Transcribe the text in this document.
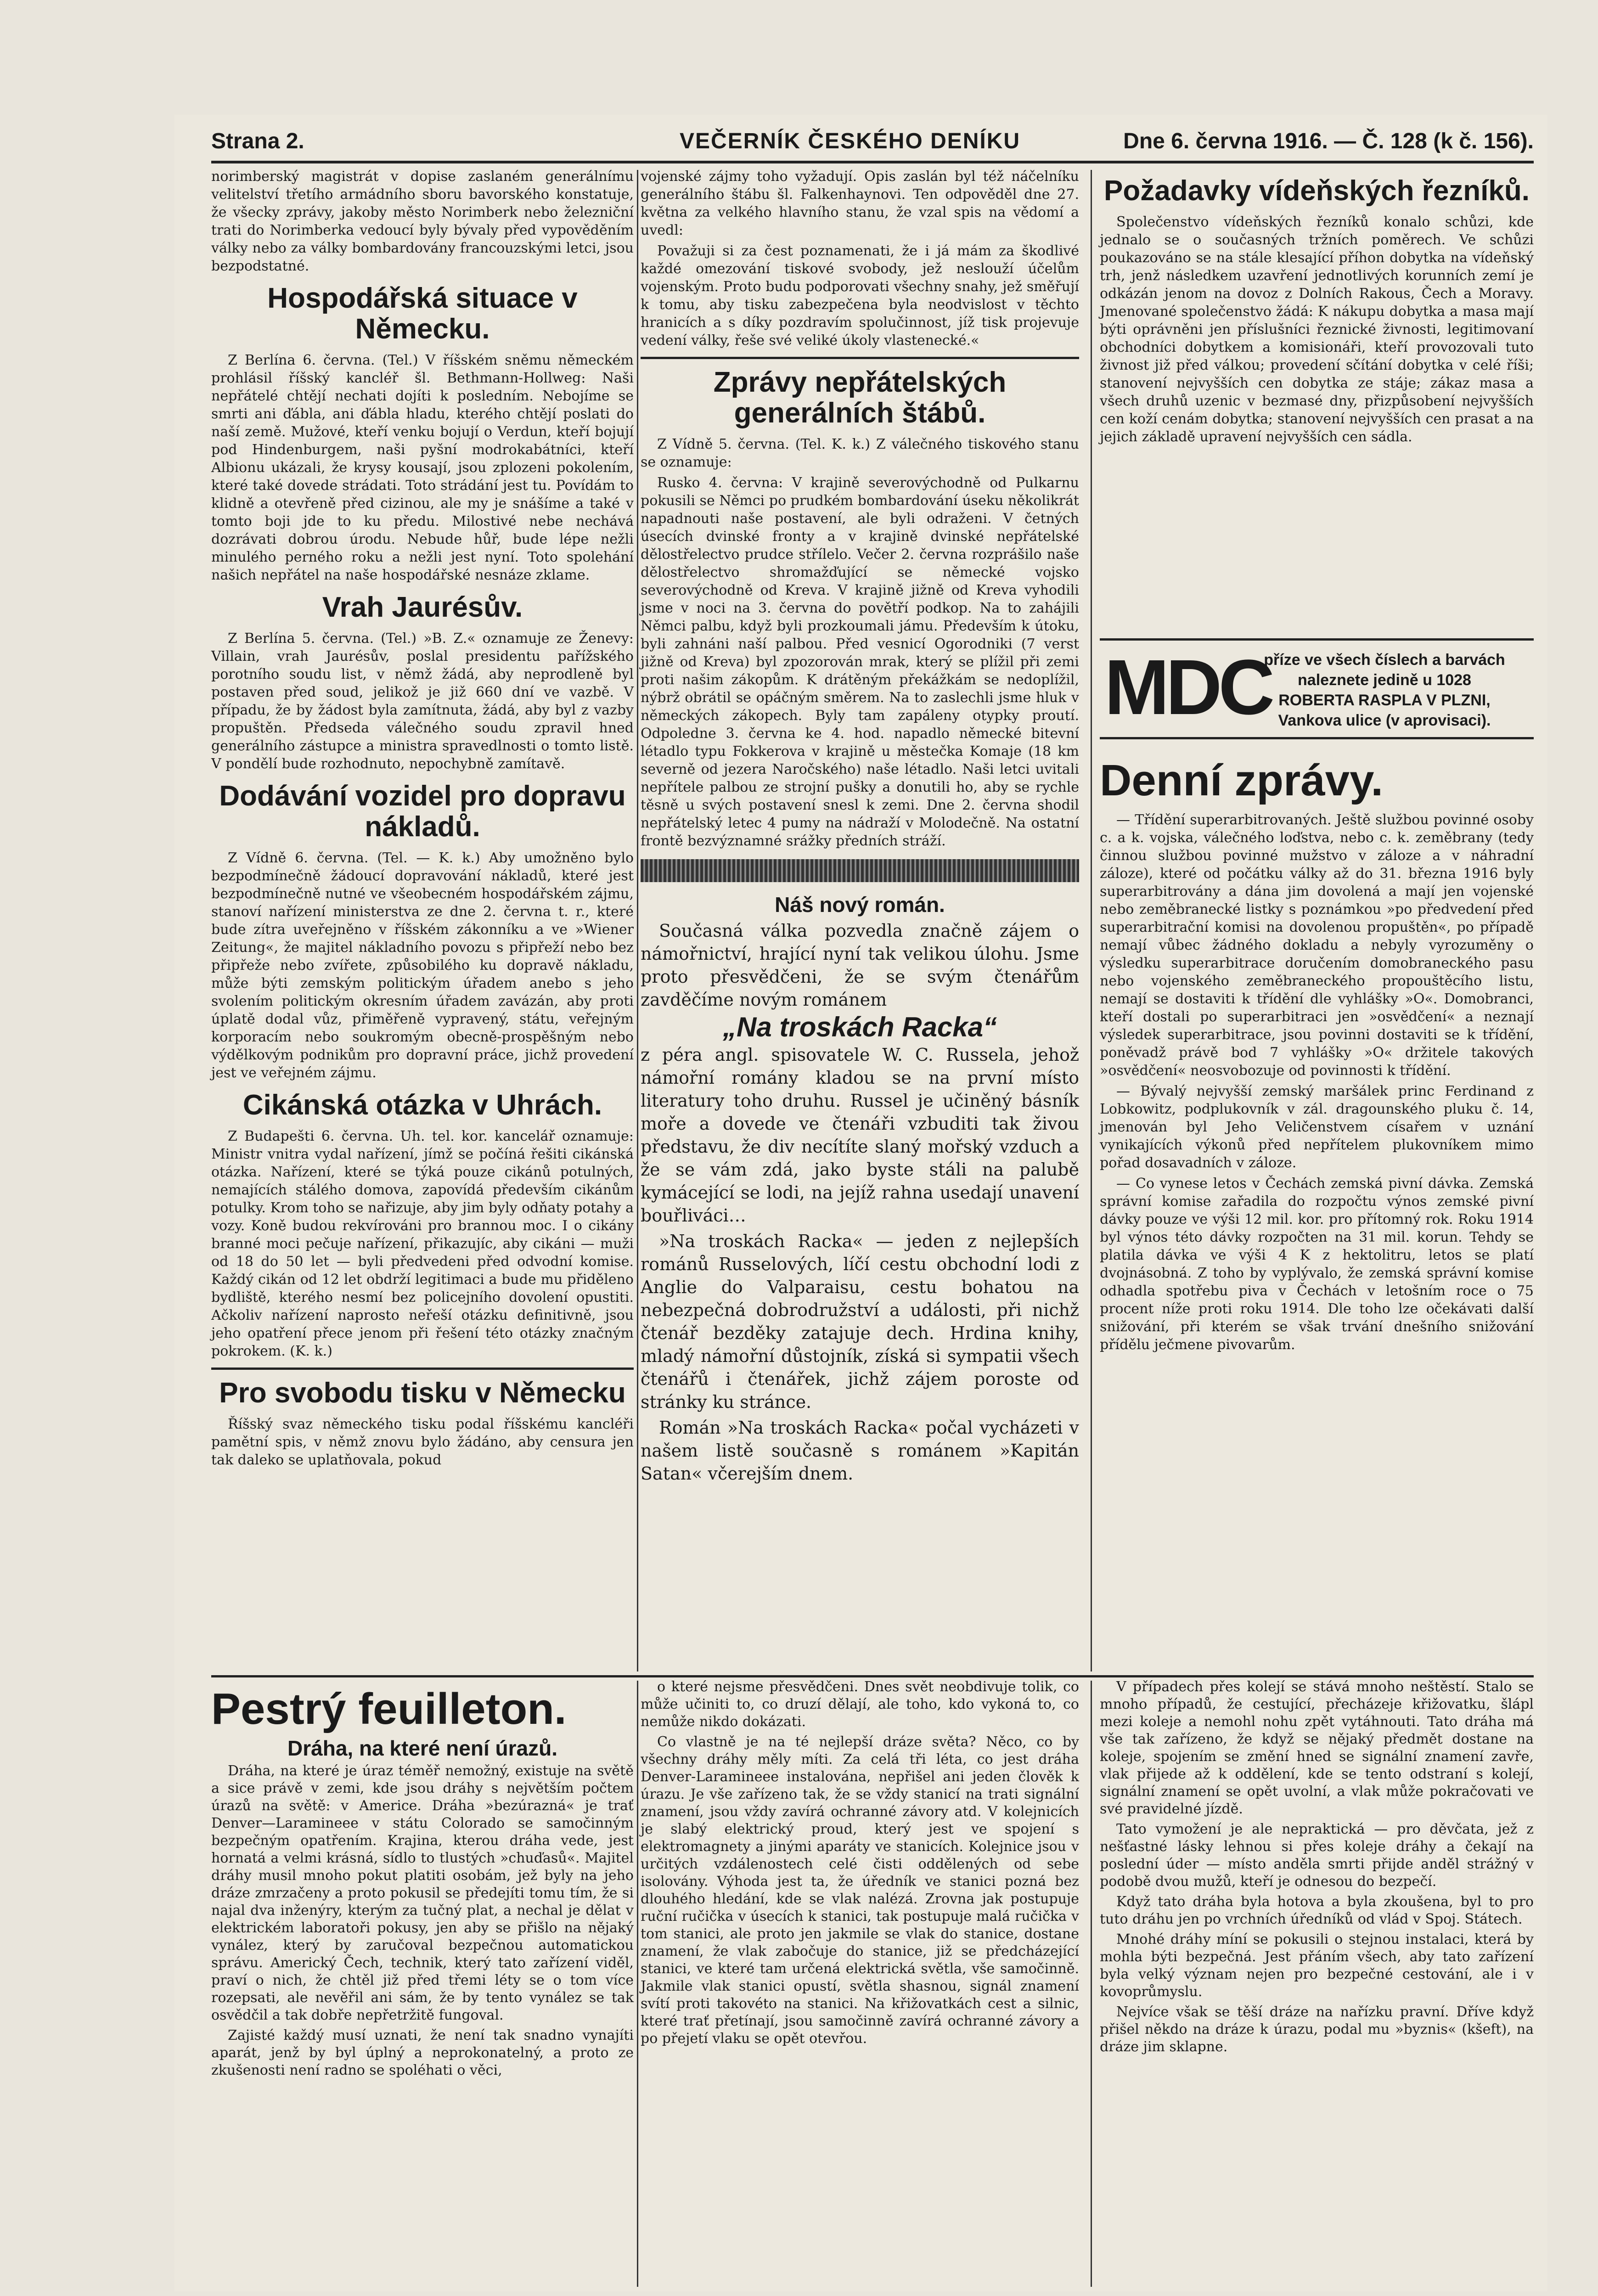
Strana 2.	VEČERNÍK ČESKÉHO DENÍKU	Dne 6. června 1916. — Č. 128 (k č. 156).

norimberský magistrát v dopise zaslaném generálnímu velitelství třetího armádního sboru bavorského konstatuje, že všecky zprávy, jakoby město Norimberk nebo železniční trati do Norimberka vedoucí byly bývaly před vypověděním války nebo za války bombardovány francouzskými letci, jsou bezpodstatné.

Hospodářská situace v Německu.

Z Berlína 6. června. (Tel.) V říšském sněmu německém prohlásil říšský kancléř šl. Bethmann-Hollweg: Naši nepřátelé chtějí nechati dojíti k posledním. Nebojíme se smrti ani ďábla, ani ďábla hladu, kterého chtějí poslati do naší země. Mužové, kteří venku bojují o Verdun, kteří bojují pod Hindenburgem, naši pyšní modrokabátníci, kteří Albionu ukázali, že krysy kousají, jsou zplozeni pokolením, které také dovede strádati. Toto strádání jest tu. Povídám to klidně a otevřeně před cizinou, ale my je snášíme a také v tomto boji jde to ku předu. Milostivé nebe nechává dozrávati dobrou úrodu. Nebude hůř, bude lépe nežli minulého perného roku a nežli jest nyní. Toto spolehání našich nepřátel na naše hospodářské nesnáze zklame.

Vrah Jaurésův.

Z Berlína 5. června. (Tel.) »B. Z.« oznamuje ze Ženevy: Villain, vrah Jaurésův, poslal presidentu pařížského porotního soudu list, v němž žádá, aby neprodleně byl postaven před soud, jelikož je již 660 dní ve vazbě. V případu, že by žádost byla zamítnuta, žádá, aby byl z vazby propuštěn. Předseda válečného soudu zpravil hned generálního zástupce a ministra spravedlnosti o tomto listě. V pondělí bude rozhodnuto, nepochybně zamítavě.

Dodávání vozidel pro dopravu nákladů.

Z Vídně 6. června. (Tel. — K. k.) Aby umožněno bylo bezpodmínečně žádoucí dopravování nákladů, které jest bezpodmínečně nutné ve všeobecném hospodářském zájmu, stanoví nařízení ministerstva ze dne 2. června t. r., které bude zítra uveřejněno v říšském zákonníku a ve »Wiener Zeitung«, že majitel nákladního povozu s připřeží nebo bez připřeže nebo zvířete, způsobilého ku dopravě nákladu, může býti zemským politickým úřadem anebo s jeho svolením politickým okresním úřadem zavázán, aby proti úplatě dodal vůz, přiměřeně vypravený, státu, veřejným korporacím nebo soukromým obecně-prospěšným nebo výdělkovým podnikům pro dopravní práce, jichž provedení jest ve veřejném zájmu.

Cikánská otázka v Uhrách.

Z Budapešti 6. června. Uh. tel. kor. kancelář oznamuje: Ministr vnitra vydal nařízení, jímž se počíná řešiti cikánská otázka. Nařízení, které se týká pouze cikánů potulných, nemajících stálého domova, zapovídá především cikánům potulky. Krom toho se nařizuje, aby jim byly odňaty potahy a vozy. Koně budou rekvírováni pro brannou moc. I o cikány branné moci pečuje nařízení, přikazujíc, aby cikáni — muži od 18 do 50 let — byli předvedeni před odvodní komise. Každý cikán od 12 let obdrží legitimaci a bude mu přiděleno bydliště, kterého nesmí bez policejního dovolení opustiti. Ačkoliv nařízení naprosto neřeší otázku definitivně, jsou jeho opatření přece jenom při řešení této otázky značným pokrokem. (K. k.)

Pro svobodu tisku v Německu

Říšský svaz německého tisku podal říšskému kancléři pamětní spis, v němž znovu bylo žádáno, aby censura jen tak daleko se uplatňovala, pokud

vojenské zájmy toho vyžadují. Opis zaslán byl též náčelníku generálního štábu šl. Falkenhaynovi. Ten odpověděl dne 27. května za velkého hlavního stanu, že vzal spis na vědomí a uvedl:

Považuji si za čest poznamenati, že i já mám za škodlivé každé omezování tiskové svobody, jež neslouží účelům vojenským. Proto budu podporovati všechny snahy, jež směřují k tomu, aby tisku zabezpečena byla neodvislost v těchto hranicích a s díky pozdravím spolučinnost, jíž tisk projevuje vedení války, řeše své veliké úkoly vlastenecké.«

Zprávy nepřátelských generálních štábů.

Z Vídně 5. června. (Tel. K. k.) Z válečného tiskového stanu se oznamuje:

Rusko 4. června: V krajině severovýchodně od Pulkarnu pokusili se Němci po prudkém bombardování úseku několikrát napadnouti naše postavení, ale byli odraženi. V četných úsecích dvinské fronty a v krajině dvinské nepřátelské dělostřelectvo prudce střílelo. Večer 2. června rozprášilo naše dělostřelectvo shromažďující se německé vojsko severovýchodně od Kreva. V krajině jižně od Kreva vyhodili jsme v noci na 3. června do povětří podkop. Na to zahájili Němci palbu, když byli prozkoumali jámu. Především k útoku, byli zahnáni naší palbou. Před vesnicí Ogorodniki (7 verst jižně od Kreva) byl zpozorován mrak, který se plížil při zemi proti našim zákopům. K drátěným překážkám se nedoplížil, nýbrž obrátil se opáčným směrem. Na to zaslechli jsme hluk v německých zákopech. Byly tam zapáleny otypky proutí. Odpoledne 3. června ke 4. hod. napadlo německé bitevní létadlo typu Fokkerova v krajině u městečka Komaje (18 km severně od jezera Naročského) naše létadlo. Naši letci uvitali nepřítele palbou ze strojní pušky a donutili ho, aby se rychle těsně u svých postavení snesl k zemi. Dne 2. června shodil nepřátelský letec 4 pumy na nádraží v Molodečně. Na ostatní frontě bezvýznamné srážky předních stráží.

Náš nový román.

Současná válka pozvedla značně zájem o námořnictví, hrající nyní tak velikou úlohu. Jsme proto přesvědčeni, že se svým čtenářům zavděčíme novým románem

„Na troskách Racka“

z péra angl. spisovatele W. C. Russela, jehož námořní romány kladou se na první místo literatury toho druhu. Russel je učiněný básník moře a dovede ve čtenáři vzbuditi tak živou představu, že div necítíte slaný mořský vzduch a že se vám zdá, jako byste stáli na palubě kymácející se lodi, na jejíž rahna usedají unavení bouřliváci…

»Na troskách Racka« — jeden z nejlepších románů Russelových, líčí cestu obchodní lodi z Anglie do Valparaisu, cestu bohatou na nebezpečná dobrodružství a události, při nichž čtenář bezděky zatajuje dech. Hrdina knihy, mladý námořní důstojník, získá si sympatii všech čtenářů i čtenářek, jichž zájem poroste od stránky ku stránce.

Román »Na troskách Racka« počal vycházeti v našem listě současně s románem »Kapitán Satan« včerejším dnem.

Požadavky vídeňských řezníků.

Společenstvo vídeňských řezníků konalo schůzi, kde jednalo se o současných tržních poměrech. Ve schůzi poukazováno se na stále klesající příhon dobytka na vídeňský trh, jenž následkem uzavření jednotlivých korunních zemí je odkázán jenom na dovoz z Dolních Rakous, Čech a Moravy. Jmenované společenstvo žádá: K nákupu dobytka a masa mají býti oprávněni jen příslušníci řeznické živnosti, legitimovaní obchodníci dobytkem a komisionáři, kteří provozovali tuto živnost již před válkou; provedení sčítání dobytka v celé říši; stanovení nejvyšších cen dobytka ze stáje; zákaz masa a všech druhů uzenic v bezmasé dny, přizpůsobení nejvyšších cen koží cenám dobytka; stanovení nejvyšších cen prasat a na jejich základě upravení nejvyšších cen sádla.

MDC
příze ve všech číslech a barvách
naleznete jedině u 1028
ROBERTA RASPLA V PLZNI,
Vankova ulice (v aprovisaci).
Denní zprávy.

— Třídění superarbitrovaných. Ještě službou povinné osoby c. a k. vojska, válečného loďstva, nebo c. k. zeměbrany (tedy činnou službou povinné mužstvo v záloze a v náhradní záloze), které od počátku války až do 31. března 1916 byly superarbitrovány a dána jim dovolená a mají jen vojenské nebo zeměbranecké listky s poznámkou »po předvedení před superarbitrační komisi na dovolenou propuštěn«, po případě nemají vůbec žádného dokladu a nebyly vyrozuměny o výsledku superarbitrace doručením domobraneckého pasu nebo vojenského zeměbraneckého propouštěcího listu, nemají se dostaviti k třídění dle vyhlášky »O«. Domobranci, kteří dostali po superarbitraci jen »osvědčení« a neznají výsledek superarbitrace, jsou povinni dostaviti se k třídění, poněvadž právě bod 7 vyhlášky »O« držitele takových »osvědčení« neosvobozuje od povinnosti k třídění.

— Bývalý nejvyšší zemský maršálek princ Ferdinand z Lobkowitz, podplukovník v zál. dragounského pluku č. 14, jmenován byl Jeho Veličenstvem císařem v uznání vynikajících výkonů před nepřítelem plukovníkem mimo pořad dosavadních v záloze.

— Co vynese letos v Čechách zemská pivní dávka. Zemská správní komise zařadila do rozpočtu výnos zemské pivní dávky pouze ve výši 12 mil. kor. pro přítomný rok. Roku 1914 byl výnos této dávky rozpočten na 31 mil. korun. Tehdy se platila dávka ve výši 4 K z hektolitru, letos se platí dvojnásobná. Z toho by vyplývalo, že zemská správní komise odhadla spotřebu piva v Čechách v letošním roce o 75 procent níže proti roku 1914. Dle toho lze očekávati další snižování, při kterém se však trvání dnešního snižování přídělu ječmene pivovarům.

Pestrý feuilleton.
Dráha, na které není úrazů.

Dráha, na které je úraz téměř nemožný, existuje na světě a sice právě v zemi, kde jsou dráhy s největším počtem úrazů na světě: v Americe. Dráha »bezúrazná« je trať Denver—Laramineee v státu Colorado se samočinným bezpečným opatřením. Krajina, kterou dráha vede, jest hornatá a velmi krásná, sídlo to tlustých »chuďasů«. Majitel dráhy musil mnoho pokut platiti osobám, jež byly na jeho dráze zmrzačeny a proto pokusil se předejíti tomu tím, že si najal dva inženýry, kterým za tučný plat, a nechal je dělat v elektrickém laboratoři pokusy, jen aby se přišlo na nějaký vynález, který by zaručoval bezpečnou automatickou správu. Americký Čech, technik, který tato zařízení viděl, praví o nich, že chtěl již před třemi léty se o tom více rozepsati, ale nevěřil ani sám, že by tento vynález se tak osvědčil a tak dobře nepřetržitě fungoval.

Zajisté každý musí uznati, že není tak snadno vynajíti aparát, jenž by byl úplný a neprokonatelný, a proto ze zkušenosti není radno se spoléhati o věci,

o které nejsme přesvědčeni. Dnes svět neobdivuje tolik, co může učiniti to, co druzí dělají, ale toho, kdo vykoná to, co nemůže nikdo dokázati.

Co vlastně je na té nejlepší dráze světa? Něco, co by všechny dráhy měly míti. Za celá tři léta, co jest dráha Denver-Laramineee instalována, nepřišel ani jeden člověk k úrazu. Je vše zařízeno tak, že se vždy stanicí na trati signální znamení, jsou vždy zavírá ochranné závory atd. V kolejnicích je slabý elektrický proud, který jest ve spojení s elektromagnety a jinými aparáty ve stanicích. Kolejnice jsou v určitých vzdálenostech celé čisti oddělených od sebe isolovány. Výhoda jest ta, že úředník ve stanici pozná bez dlouhého hledání, kde se vlak nalézá. Zrovna jak postupuje ruční ručička v úsecích k stanici, tak postupuje malá ručička v tom stanici, ale proto jen jakmile se vlak do stanice, dostane znamení, že vlak zabočuje do stanice, již se předcházející stanici, ve které tam určená elektrická světla, vše samočinně. Jakmile vlak stanici opustí, světla shasnou, signál znamení svítí proti takovéto na stanici. Na křižovatkách cest a silnic, které trať přetínají, jsou samočinně zavírá ochranné závory a po přejetí vlaku se opět otevřou.

V případech přes kolejí se stává mnoho neštěstí. Stalo se mnoho případů, že cestující, přecházeje křižovatku, šlápl mezi koleje a nemohl nohu zpět vytáhnouti. Tato dráha má vše tak zařízeno, že když se nějaký předmět dostane na koleje, spojením se změní hned se signální znamení zavře, vlak přijede až k oddělení, kde se tento odstraní s kolejí, signální znamení se opět uvolní, a vlak může pokračovati ve své pravidelné jízdě.

Tato vymožení je ale nepraktická — pro děvčata, jež z nešťastné lásky lehnou si přes koleje dráhy a čekají na poslední úder — místo anděla smrti přijde anděl strážný v podobě dvou mužů, kteří je odnesou do bezpečí.

Když tato dráha byla hotova a byla zkoušena, byl to pro tuto dráhu jen po vrchních úředníků od vlád v Spoj. Státech.

Mnohé dráhy míní se pokusili o stejnou instalaci, která by mohla býti bezpečná. Jest přáním všech, aby tato zařízení byla velký význam nejen pro bezpečné cestování, ale i v kovoprůmyslu.

Nejvíce však se těší dráze na nařízku pravní. Dříve když přišel někdo na dráze k úrazu, podal mu »byznis« (kšeft), na dráze jim sklapne.
